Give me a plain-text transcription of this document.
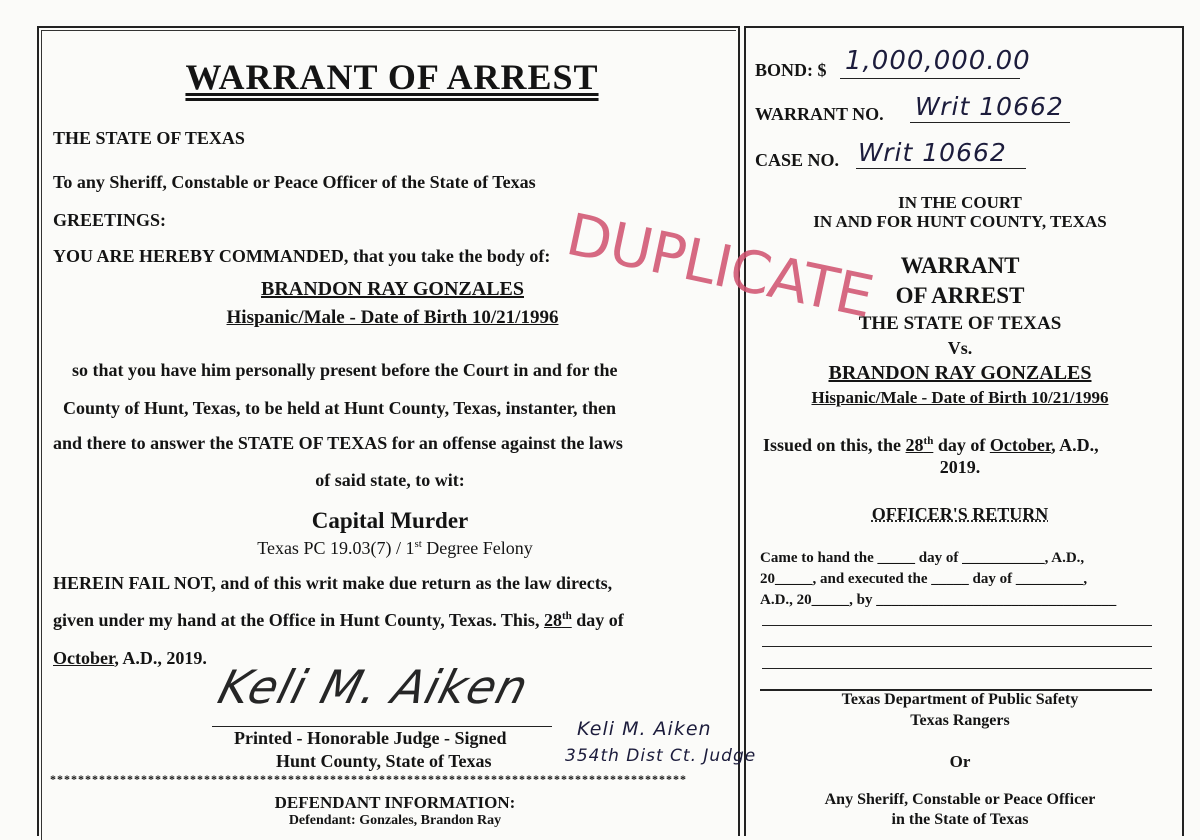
WARRANT OF ARREST
THE STATE OF TEXAS
To any Sheriff, Constable or Peace Officer of the State of Texas
GREETINGS:
YOU ARE HEREBY COMMANDED, that you take the body of:
BRANDON RAY GONZALES
Hispanic/Male - Date of Birth 10/21/1996
so that you have him personally present before the Court in and for the
County of Hunt, Texas, to be held at Hunt County, Texas, instanter, then
and there to answer the STATE OF TEXAS for an offense against the laws
of said state, to wit:
Capital Murder
Texas PC 19.03(7) / 1st Degree Felony
HEREIN FAIL NOT, and of this writ make due return as the law directs,
given under my hand at the Office in Hunt County, Texas. This, 28th day of
October, A.D., 2019.
Keli M. Aiken
Printed - Honorable Judge - Signed
Hunt County, State of Texas
Keli M. Aiken
354th Dist Ct. Judge
*******************************************************************************************
DEFENDANT INFORMATION:
Defendant: Gonzales, Brandon Ray
DUPLICATE
BOND: $ 1,000,000.00
WARRANT NO. Writ 10662
CASE NO. Writ 10662
IN THE COURT
IN AND FOR HUNT COUNTY, TEXAS
WARRANT
OF ARREST
THE STATE OF TEXAS
Vs.
BRANDON RAY GONZALES
Hispanic/Male - Date of Birth 10/21/1996
Issued on this, the 28th day of October, A.D.,
2019.
OFFICER'S RETURN
Came to hand the _____ day of ___________, A.D.,
20_____, and executed the _____ day of _________,
A.D., 20_____, by ________________________________
Texas Department of Public Safety
Texas Rangers
Or
Any Sheriff, Constable or Peace Officer
in the State of Texas
